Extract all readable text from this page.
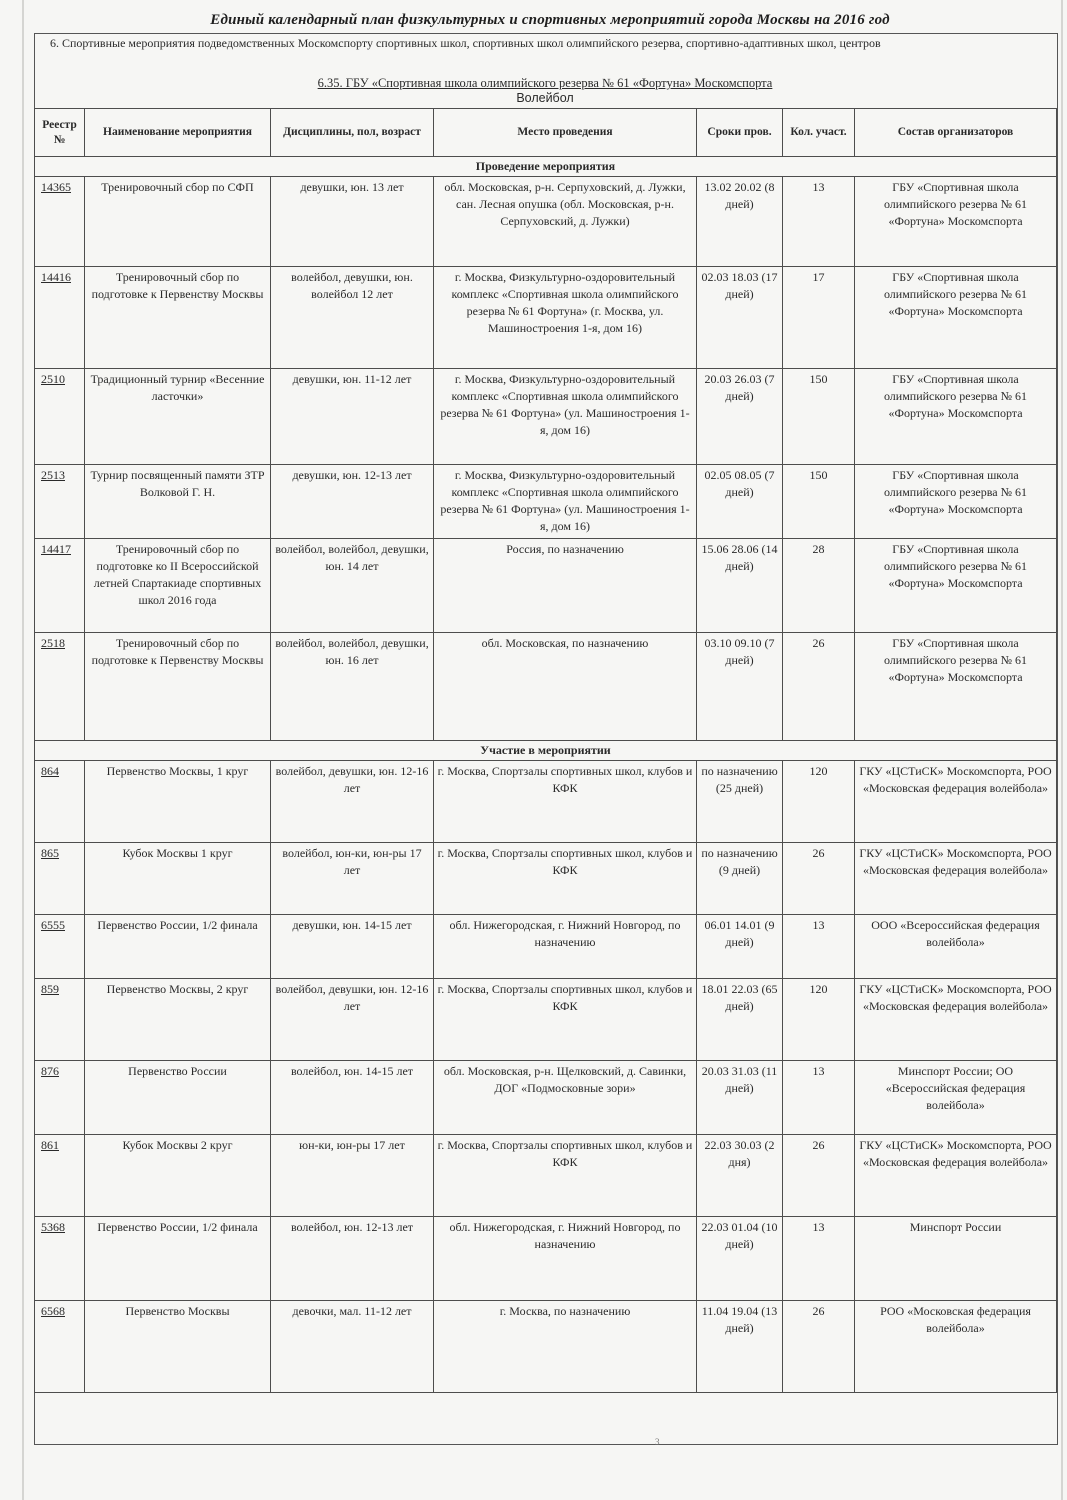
Единый календарный план физкультурных и спортивных мероприятий города Москвы на 2016 год
6. Спортивные мероприятия подведомственных Москомспорту спортивных школ, спортивных школ олимпийского резерва, спортивно-адаптивных школ, центров
6.35. ГБУ «Спортивная школа олимпийского резерва № 61 «Фортуна» Москомспорта
Волейбол
Реестр №	Наименование мероприятия	Дисциплины, пол, возраст	Место проведения	Сроки пров.	Кол. участ.	Состав организаторов
Проведение мероприятия						
14365	Тренировочный сбор по СФП	девушки, юн. 13 лет	обл. Московская, р-н. Серпуховский, д. Лужки, сан. Лесная опушка (обл. Московская, р-н. Серпуховский, д. Лужки)	13.02 20.02 (8 дней)	13	ГБУ «Спортивная школа олимпийского резерва № 61 «Фортуна» Москомспорта
14416	Тренировочный сбор по подготовке к Первенству Москвы	волейбол, девушки, юн. волейбол 12 лет	г. Москва, Физкультурно-оздоровительный комплекс «Спортивная школа олимпийского резерва № 61 Фортуна» (г. Москва, ул. Машиностроения 1-я, дом 16)	02.03 18.03 (17 дней)	17	ГБУ «Спортивная школа олимпийского резерва № 61 «Фортуна» Москомспорта
2510	Традиционный турнир «Весенние ласточки»	девушки, юн. 11-12 лет	г. Москва, Физкультурно-оздоровительный комплекс «Спортивная школа олимпийского резерва № 61 Фортуна» (ул. Машиностроения 1-я, дом 16)	20.03 26.03 (7 дней)	150	ГБУ «Спортивная школа олимпийского резерва № 61 «Фортуна» Москомспорта
2513	Турнир посвященный памяти ЗТР Волковой Г. Н.	девушки, юн. 12-13 лет	г. Москва, Физкультурно-оздоровительный комплекс «Спортивная школа олимпийского резерва № 61 Фортуна» (ул. Машиностроения 1-я, дом 16)	02.05 08.05 (7 дней)	150	ГБУ «Спортивная школа олимпийского резерва № 61 «Фортуна» Москомспорта
14417	Тренировочный сбор по подготовке ко II Всероссийской летней Спартакиаде спортивных школ 2016 года	волейбол, волейбол, девушки, юн. 14 лет	Россия, по назначению	15.06 28.06 (14 дней)	28	ГБУ «Спортивная школа олимпийского резерва № 61 «Фортуна» Москомспорта
2518	Тренировочный сбор по подготовке к Первенству Москвы	волейбол, волейбол, девушки, юн. 16 лет	обл. Московская, по назначению	03.10 09.10 (7 дней)	26	ГБУ «Спортивная школа олимпийского резерва № 61 «Фортуна» Москомспорта
Участие в мероприятии						
864	Первенство Москвы, 1 круг	волейбол, девушки, юн. 12-16 лет	г. Москва, Спортзалы спортивных школ, клубов и КФК	по назначению (25 дней)	120	ГКУ «ЦСТиСК» Москомспорта, РОО «Московская федерация волейбола»
865	Кубок Москвы 1 круг	волейбол, юн-ки, юн-ры 17 лет	г. Москва, Спортзалы спортивных школ, клубов и КФК	по назначению (9 дней)	26	ГКУ «ЦСТиСК» Москомспорта, РОО «Московская федерация волейбола»
6555	Первенство России, 1/2 финала	девушки, юн. 14-15 лет	обл. Нижегородская, г. Нижний Новгород, по назначению	06.01 14.01 (9 дней)	13	ООО «Всероссийская федерация волейбола»
859	Первенство Москвы, 2 круг	волейбол, девушки, юн. 12-16 лет	г. Москва, Спортзалы спортивных школ, клубов и КФК	18.01 22.03 (65 дней)	120	ГКУ «ЦСТиСК» Москомспорта, РОО «Московская федерация волейбола»
876	Первенство России	волейбол, юн. 14-15 лет	обл. Московская, р-н. Щелковский, д. Савинки, ДОГ «Подмосковные зори»	20.03 31.03 (11 дней)	13	Минспорт России; ОО «Всероссийская федерация волейбола»
861	Кубок Москвы 2 круг	юн-ки, юн-ры 17 лет	г. Москва, Спортзалы спортивных школ, клубов и КФК	22.03 30.03 (2 дня)	26	ГКУ «ЦСТиСК» Москомспорта, РОО «Московская федерация волейбола»
5368	Первенство России, 1/2 финала	волейбол, юн. 12-13 лет	обл. Нижегородская, г. Нижний Новгород, по назначению	22.03 01.04 (10 дней)	13	Минспорт России
6568	Первенство Москвы	девочки, мал. 11-12 лет	г. Москва, по назначению	11.04 19.04 (13 дней)	26	РОО «Московская федерация волейбола»
3
